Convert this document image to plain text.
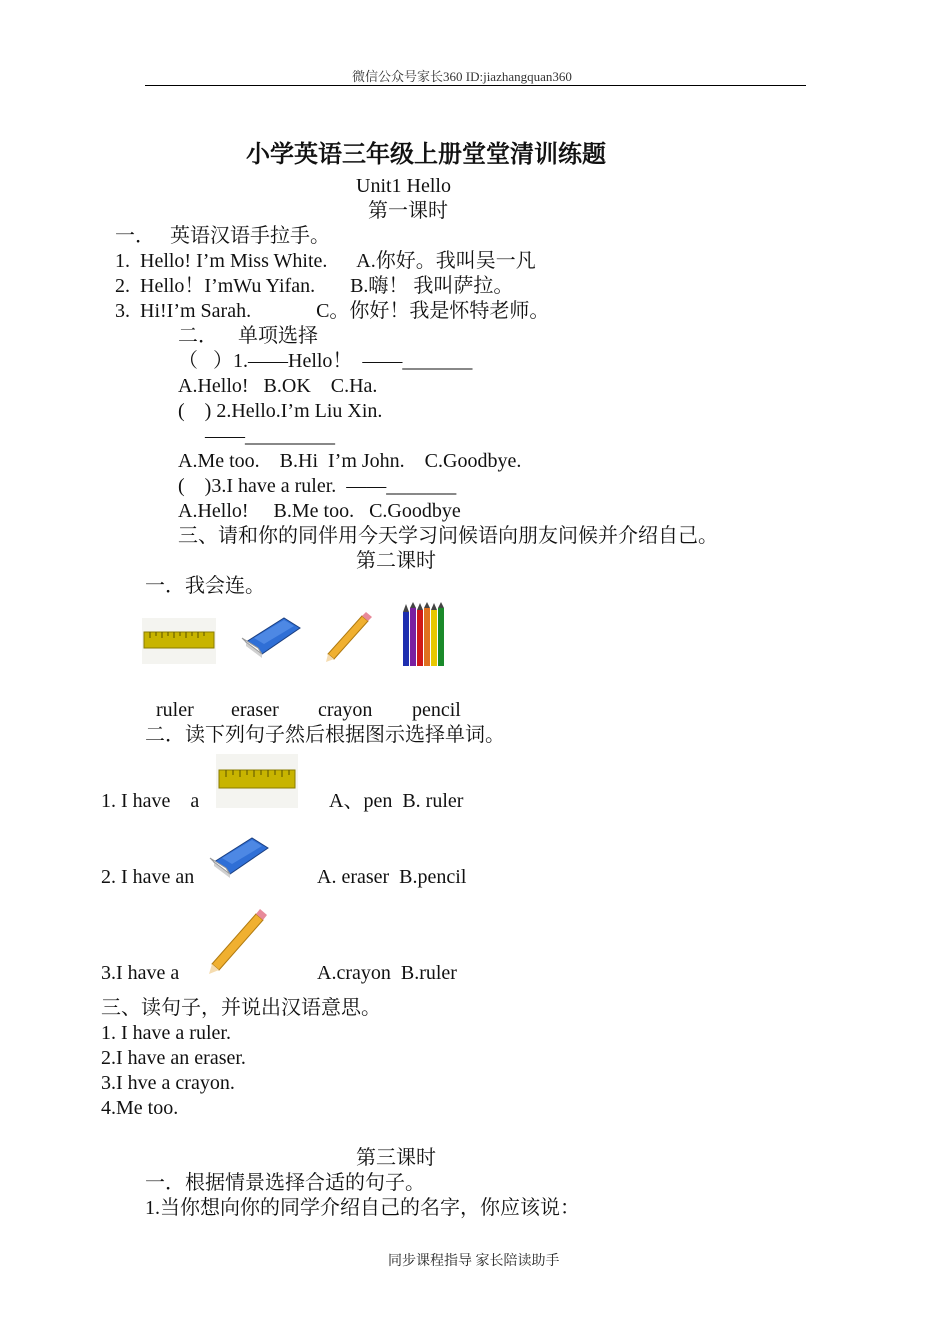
微信公众号家长360 ID:jiazhangquan360
小学英语三年级上册堂堂清训练题
Unit1 Hello
第一课时
一．   英语汉语手拉手。
1.  Hello! I’m Miss White.      A.你好。我叫吴一凡
2.  Hello！I’mWu Yifan.       B.嗨！ 我叫萨拉。
3.  Hi!I’m Sarah.             C。你好！我是怀特老师。
二．    单项选择
（   ）1.——Hello！  ——_______
A.Hello!   B.OK    C.Ha.
(    ) 2.Hello.I’m Liu Xin.
——_________
A.Me too.    B.Hi  I’m John.    C.Goodbye.
(    )3.I have a ruler.  ——_______
A.Hello!     B.Me too.   C.Goodbye
三、请和你的同伴用今天学习问候语向朋友问候并介绍自己。
第二课时
一．我会连。
ruler eraser crayon pencil
二．读下列句子然后根据图示选择单词。
1. I have    a	A、pen  B. ruler
2. I have an	A. eraser  B.pencil
3.I have a	A.crayon  B.ruler
三、读句子，并说出汉语意思。
1. I have a ruler.
2.I have an eraser.
3.I hve a crayon.
4.Me too.
第三课时
一．根据情景选择合适的句子。
1.当你想向你的同学介绍自己的名字，你应该说：
同步课程指导 家长陪读助手
